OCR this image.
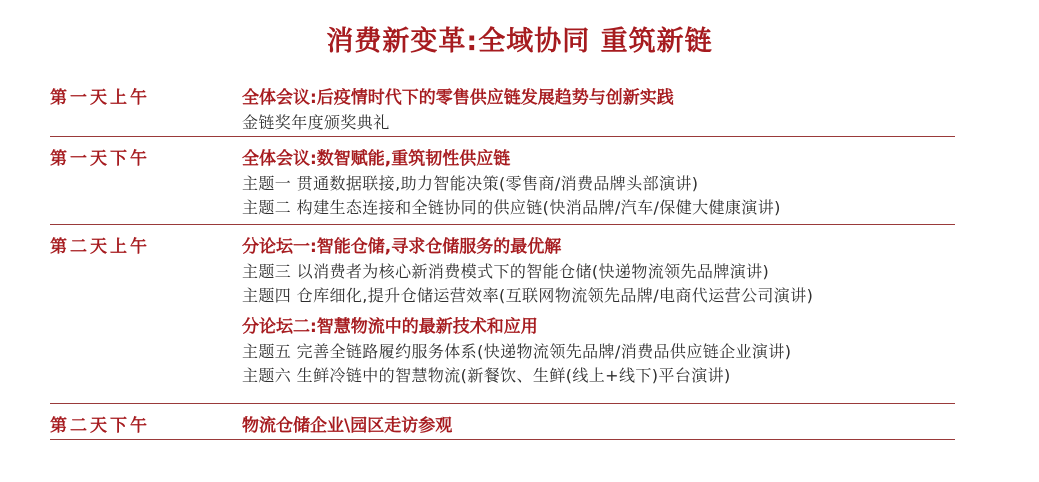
消费新变革:全域协同 重筑新链
第一天上午	全体会议:后疫情时代下的零售供应链发展趋势与创新实践
金链奖年度颁奖典礼
第一天下午	全体会议:数智赋能,重筑韧性供应链
主题一 贯通数据联接,助力智能决策(零售商/消费品牌头部演讲)
主题二 构建生态连接和全链协同的供应链(快消品牌/汽车/保健大健康演讲)
第二天上午	分论坛一:智能仓储,寻求仓储服务的最优解
主题三 以消费者为核心新消费模式下的智能仓储(快递物流领先品牌演讲)
主题四 仓库细化,提升仓储运营效率(互联网物流领先品牌/电商代运营公司演讲)
分论坛二:智慧物流中的最新技术和应用
主题五 完善全链路履约服务体系(快递物流领先品牌/消费品供应链企业演讲)
主题六 生鲜冷链中的智慧物流(新餐饮、生鲜(线上+线下)平台演讲)
第二天下午	物流仓储企业\园区走访参观
